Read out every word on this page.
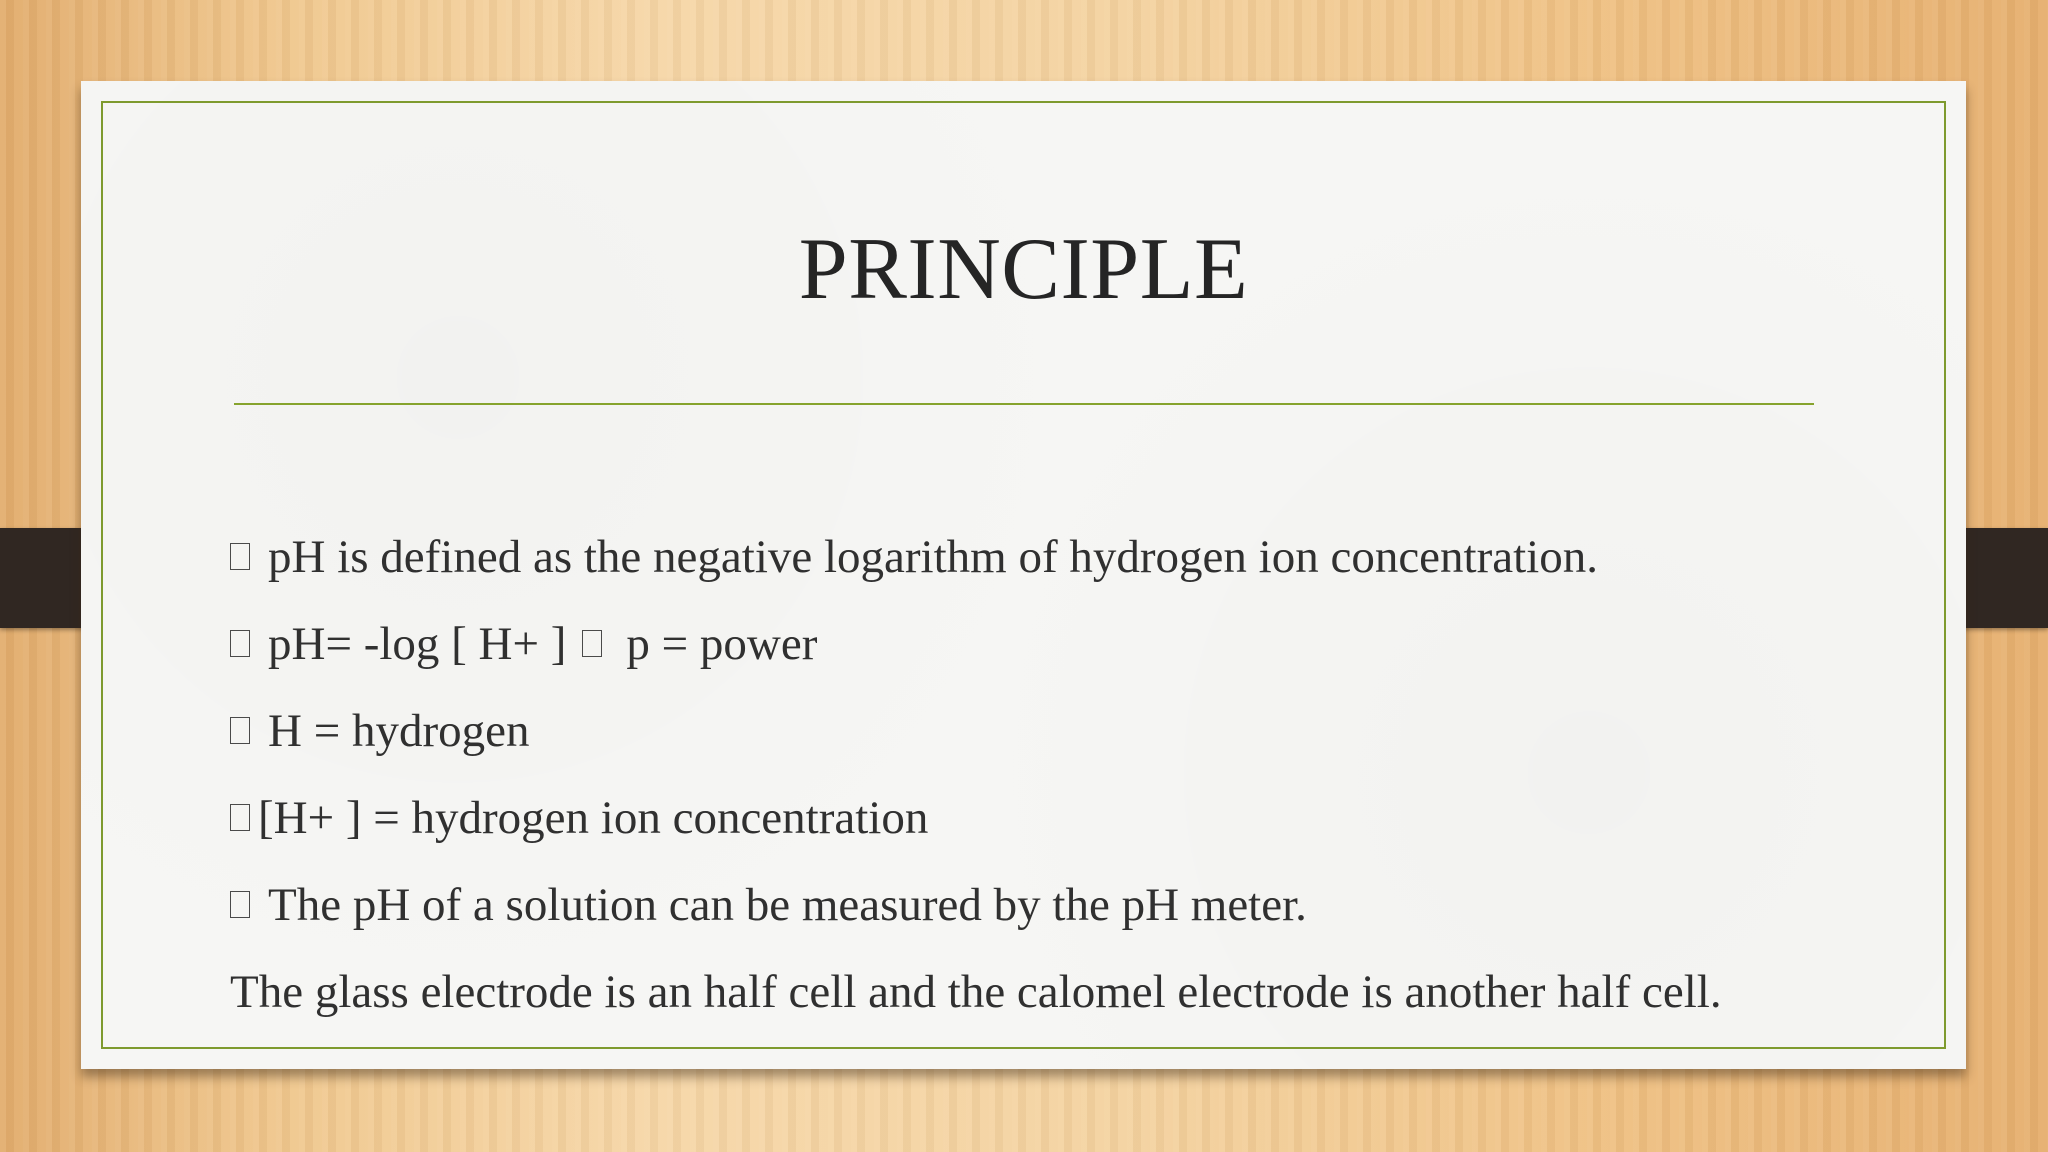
PRINCIPLE
pH is defined as the negative logarithm of hydrogen ion concentration.
pH= -log [ H+ ] p = power
H = hydrogen
[H+ ] = hydrogen ion concentration
The pH of a solution can be measured by the pH meter.
The glass electrode is an half cell and the calomel electrode is another half cell.
